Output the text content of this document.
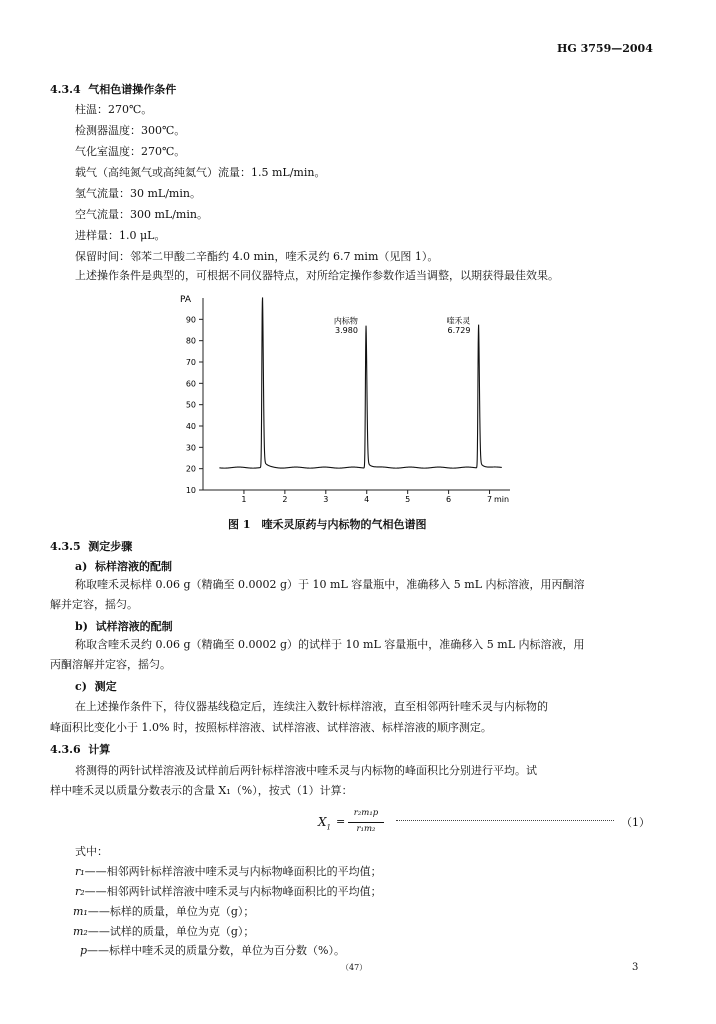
HG 3759—2004
4.3.4 气相色谱操作条件
柱温：270℃。
检测器温度：300℃。
气化室温度：270℃。
载气（高纯氮气或高纯氦气）流量：1.5 mL/min。
氢气流量：30 mL/min。
空气流量：300 mL/min。
进样量：1.0 μL。
保留时间：邻苯二甲酸二辛酯约 4.0 min，喹禾灵约 6.7 mim（见图 1）。
上述操作条件是典型的，可根据不同仪器特点，对所给定操作参数作适当调整，以期获得最佳效果。
PA
10
20
30
40
50
60
70
80
90
1	2	3	4	5	6	7 min
内标物
3.980
喹禾灵
6.729
图 1　喹禾灵原药与内标物的气相色谱图
4.3.5 测定步骤
a) 标样溶液的配制
称取喹禾灵标样 0.06 g（精确至 0.0002 g）于 10 mL 容量瓶中，准确移入 5 mL 内标溶液，用丙酮溶
解并定容，摇匀。
b) 试样溶液的配制
称取含喹禾灵约 0.06 g（精确至 0.0002 g）的试样于 10 mL 容量瓶中，准确移入 5 mL 内标溶液，用
丙酮溶解并定容，摇匀。
c) 测定
在上述操作条件下，待仪器基线稳定后，连续注入数针标样溶液，直至相邻两针喹禾灵与内标物的
峰面积比变化小于 1.0% 时，按照标样溶液、试样溶液、试样溶液、标样溶液的顺序测定。
4.3.6 计算
将测得的两针试样溶液及试样前后两针标样溶液中喹禾灵与内标物的峰面积比分别进行平均。试
样中喹禾灵以质量分数表示的含量 X₁（%），按式（1）计算：
$X_1$ =
r₂m₁p
r₁m₂	（1）
式中：
r₁——相邻两针标样溶液中喹禾灵与内标物峰面积比的平均值；
r₂——相邻两针试样溶液中喹禾灵与内标物峰面积比的平均值；
m₁——标样的质量，单位为克（g）；
m₂——试样的质量，单位为克（g）；
p——标样中喹禾灵的质量分数，单位为百分数（%）。
（47）	3
